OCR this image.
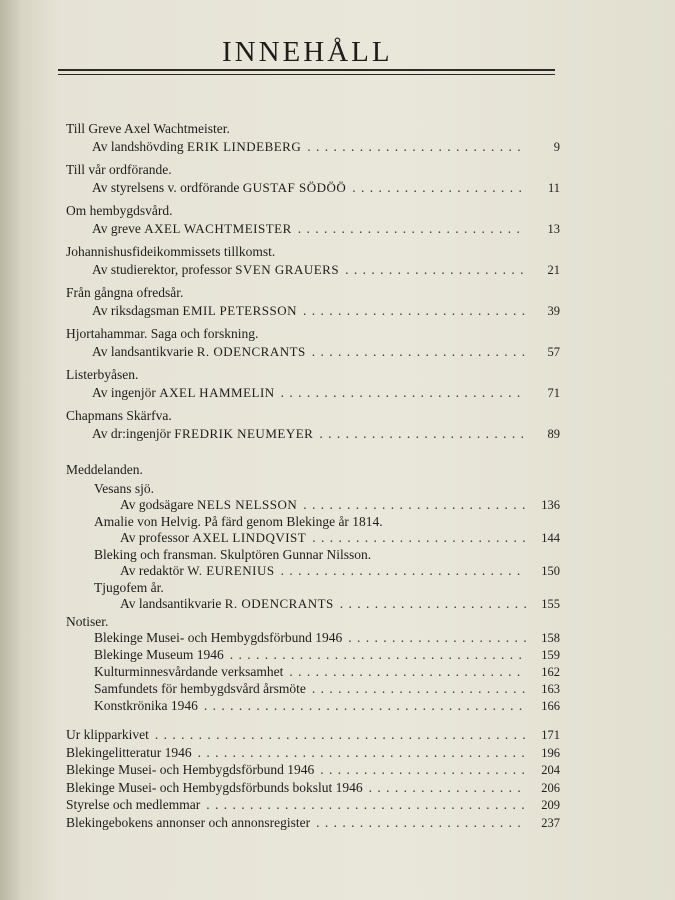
INNEHÅLL
Till Greve Axel Wachtmeister.
Av landshövding ERIK LINDEBERG . . .	9
Till vår ordförande.
Av styrelsens v. ordförande GUSTAF SÖDÖÖ . . .	11
Om hembygdsvård.
Av greve AXEL WACHTMEISTER . . .	13
Johannishusfideikommissets tillkomst.
Av studierektor, professor SVEN GRAUERS . . .	21
Från gångna ofredsår.
Av riksdagsman EMIL PETERSSON . . .	39
Hjortahammar. Saga och forskning.
Av landsantikvarie R. ODENCRANTS . . .	57
Listerbyåsen.
Av ingenjör AXEL HAMMELIN . . .	71
Chapmans Skärfva.
Av dr:ingenjör FREDRIK NEUMEYER . . .	89
Meddelanden.
Vesans sjö.
Av godsägare NELS NELSSON . . .	136
Amalie von Helvig. På färd genom Blekinge år 1814.
Av professor AXEL LINDQVIST . . .	144
Bleking och fransman. Skulptören Gunnar Nilsson.
Av redaktör W. EURENIUS . . .	150
Tjugofem år.
Av landsantikvarie R. ODENCRANTS . . .	155
Notiser.
Blekinge Musei- och Hembygdsförbund 1946 . . .	158
Blekinge Museum 1946 . . .	159
Kulturminnesvårdande verksamhet . . .	162
Samfundets för hembygdsvård årsmöte . . .	163
Konstkrönika 1946 . . .	166
Ur klipparkivet . . .	171
Blekingelitteratur 1946 . . .	196
Blekinge Musei- och Hembygdsförbund 1946 . . .	204
Blekinge Musei- och Hembygdsförbunds bokslut 1946 . . .	206
Styrelse och medlemmar . . .	209
Blekingebokens annonser och annonsregister . . .	237
